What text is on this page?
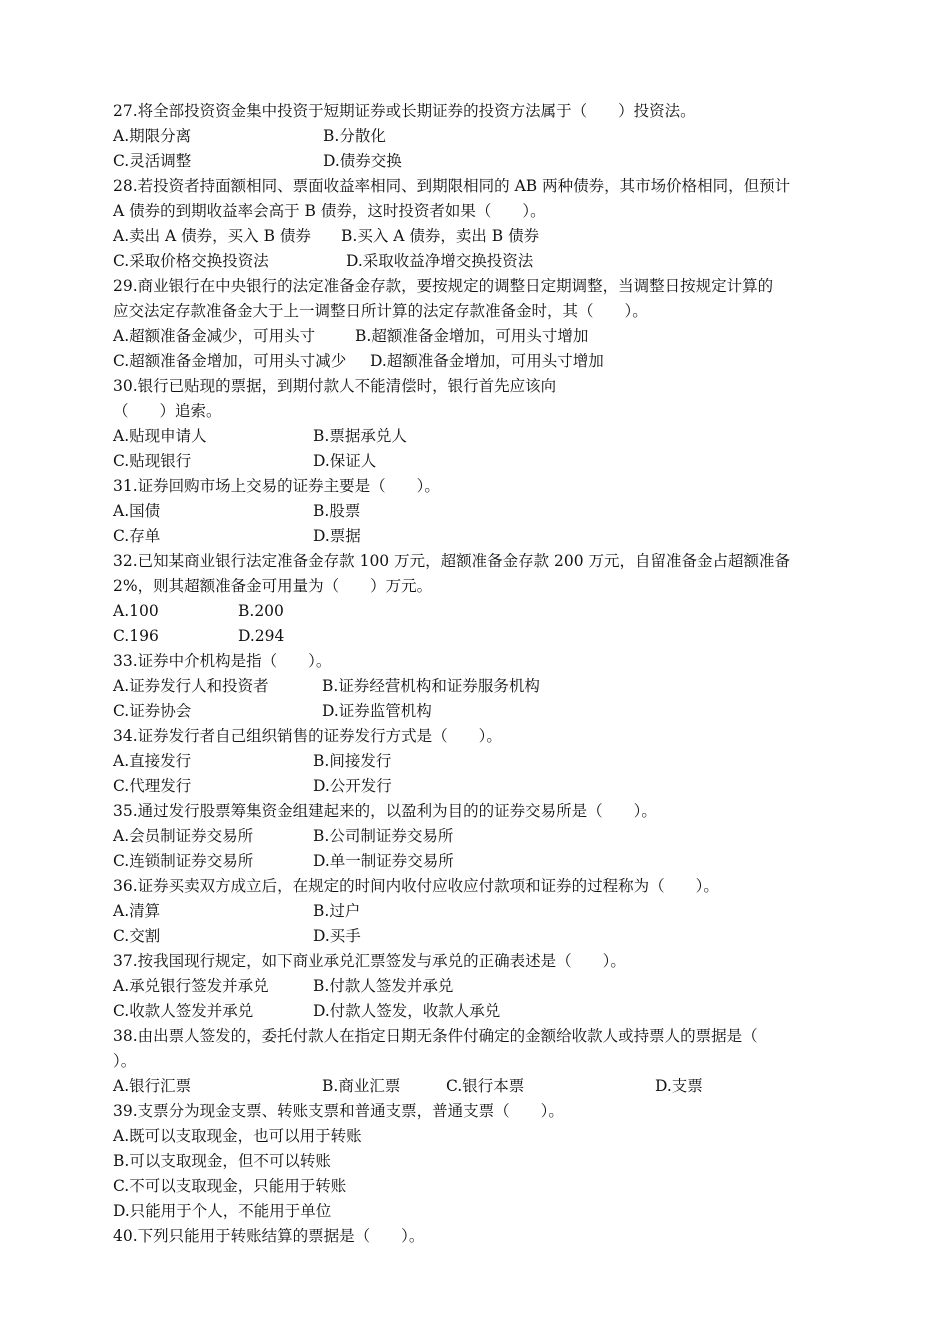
27.将全部投资资金集中投资于短期证券或长期证券的投资方法属于（　　）投资法。
A.期限分离	B.分散化
C.灵活调整	D.债券交换
28.若投资者持面额相同、票面收益率相同、到期限相同的 AB 两种债券，其市场价格相同，但预计
A 债券的到期收益率会高于 B 债券，这时投资者如果（　　）。
A.卖出 A 债券，买入 B 债券 B.买入 A 债券，卖出 B 债券
C.采取价格交换投资法	D.采取收益净增交换投资法
29.商业银行在中央银行的法定准备金存款，要按规定的调整日定期调整，当调整日按规定计算的
应交法定存款准备金大于上一调整日所计算的法定存款准备金时，其（　　）。
A.超额准备金减少，可用头寸	B.超额准备金增加，可用头寸增加
C.超额准备金增加，可用头寸减少 D.超额准备金增加，可用头寸增加
30.银行已贴现的票据，到期付款人不能清偿时，银行首先应该向
（　　）追索。
A.贴现申请人	B.票据承兑人
C.贴现银行	D.保证人
31.证券回购市场上交易的证券主要是（　　）。
A.国债	B.股票
C.存单	D.票据
32.已知某商业银行法定准备金存款 100 万元，超额准备金存款 200 万元，自留准备金占超额准备
2%，则其超额准备金可用量为（　　）万元。
A.100	B.200
C.196	D.294
33.证券中介机构是指（　　）。
A.证券发行人和投资者	B.证券经营机构和证券服务机构
C.证券协会	D.证券监管机构
34.证券发行者自己组织销售的证券发行方式是（　　）。
A.直接发行	B.间接发行
C.代理发行	D.公开发行
35.通过发行股票筹集资金组建起来的，以盈利为目的的证券交易所是（　　）。
A.会员制证券交易所	B.公司制证券交易所
C.连锁制证券交易所	D.单一制证券交易所
36.证券买卖双方成立后，在规定的时间内收付应收应付款项和证券的过程称为（　　）。
A.清算	B.过户
C.交割	D.买手
37.按我国现行规定，如下商业承兑汇票签发与承兑的正确表述是（　　）。
A.承兑银行签发并承兑	B.付款人签发并承兑
C.收款人签发并承兑	D.付款人签发，收款人承兑
38.由出票人签发的，委托付款人在指定日期无条件付确定的金额给收款人或持票人的票据是（
）。
A.银行汇票	B.商业汇票	C.银行本票	D.支票
39.支票分为现金支票、转账支票和普通支票，普通支票（　　）。
A.既可以支取现金，也可以用于转账
B.可以支取现金，但不可以转账
C.不可以支取现金，只能用于转账
D.只能用于个人，不能用于单位
40.下列只能用于转账结算的票据是（　　）。
